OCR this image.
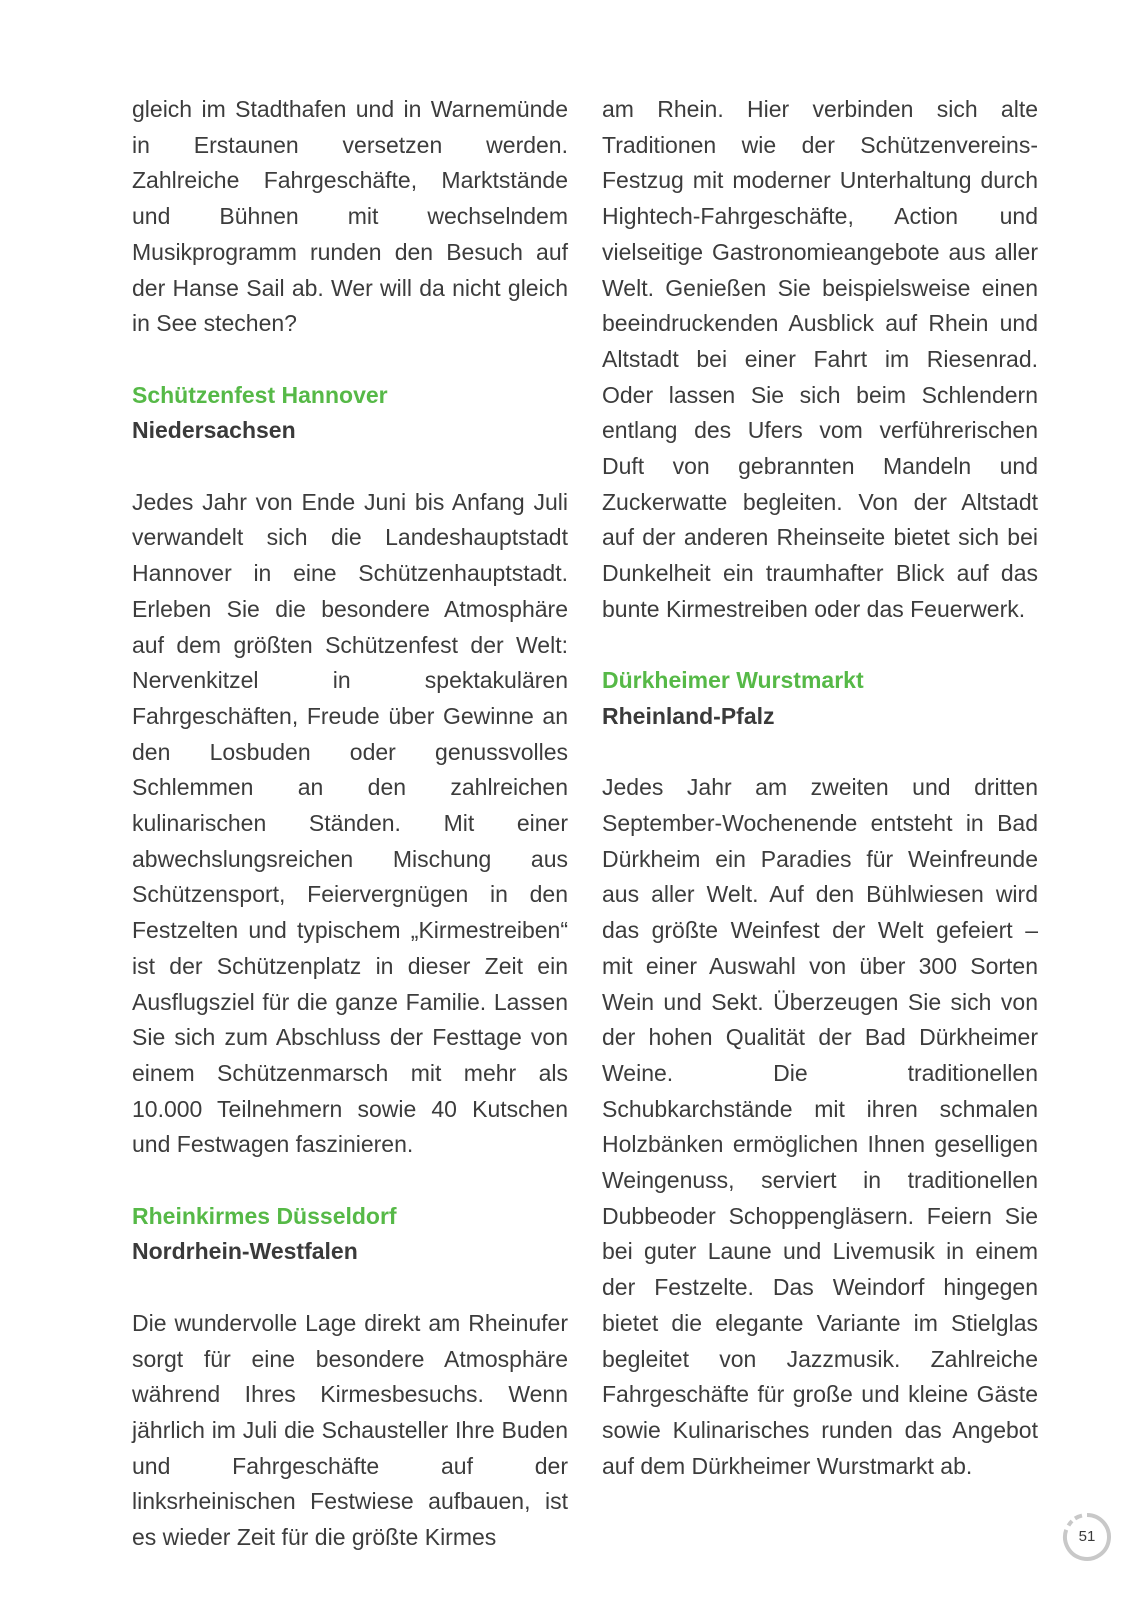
gleich im Stadthafen und in Warnemünde in Erstaunen versetzen werden. Zahlreiche Fahrgeschäfte, Marktstände und Bühnen mit wechselndem Musikprogramm runden den Besuch auf der Hanse Sail ab. Wer will da nicht gleich in See stechen?

Schützenfest Hannover
Niedersachsen

Jedes Jahr von Ende Juni bis Anfang Juli verwandelt sich die Landeshauptstadt Hannover in eine Schützenhauptstadt. Erleben Sie die besondere Atmosphäre auf dem größten Schützenfest der Welt: Nervenkitzel in spektakulären Fahrgeschäften, Freude über Gewinne an den Losbuden oder genussvolles Schlemmen an den zahlreichen kulinarischen Ständen. Mit einer abwechslungsreichen Mischung aus Schützensport, Feiervergnügen in den Festzelten und typischem „Kirmestreiben“ ist der Schützenplatz in dieser Zeit ein Ausflugsziel für die ganze Familie. Lassen Sie sich zum Abschluss der Festtage von einem Schützenmarsch mit mehr als 10.000 Teilnehmern sowie 40 Kutschen und Festwagen faszinieren.

Rheinkirmes Düsseldorf
Nordrhein-Westfalen

Die wundervolle Lage direkt am Rheinufer sorgt für eine besondere Atmosphäre während Ihres Kirmesbesuchs. Wenn jährlich im Juli die Schausteller Ihre Buden und Fahrgeschäfte auf der linksrheinischen Festwiese aufbauen, ist es wieder Zeit für die größte Kirmes

am Rhein. Hier verbinden sich alte Traditionen wie der Schützenvereins-Festzug mit moderner Unterhaltung durch Hightech-Fahrgeschäfte, Action und vielseitige Gastronomieangebote aus aller Welt. Genießen Sie beispielsweise einen beeindruckenden Ausblick auf Rhein und Altstadt bei einer Fahrt im Riesenrad. Oder lassen Sie sich beim Schlendern entlang des Ufers vom verführerischen Duft von gebrannten Mandeln und Zuckerwatte begleiten. Von der Altstadt auf der anderen Rheinseite bietet sich bei Dunkelheit ein traumhafter Blick auf das bunte Kirmestreiben oder das Feuerwerk.

Dürkheimer Wurstmarkt
Rheinland-Pfalz

Jedes Jahr am zweiten und dritten September-Wochenende entsteht in Bad Dürkheim ein Paradies für Weinfreunde aus aller Welt. Auf den Bühlwiesen wird das größte Weinfest der Welt gefeiert – mit einer Auswahl von über 300 Sorten Wein und Sekt. Überzeugen Sie sich von der hohen Qualität der Bad Dürkheimer Weine. Die traditionellen Schubkarchstände mit ihren schmalen Holzbänken ermöglichen Ihnen geselligen Weingenuss, serviert in traditionellen Dubbeoder Schoppengläsern. Feiern Sie bei guter Laune und Livemusik in einem der Festzelte. Das Weindorf hingegen bietet die elegante Variante im Stielglas begleitet von Jazzmusik. Zahlreiche Fahrgeschäfte für große und kleine Gäste sowie Kulinarisches runden das Angebot auf dem Dürkheimer Wurstmarkt ab.

51
